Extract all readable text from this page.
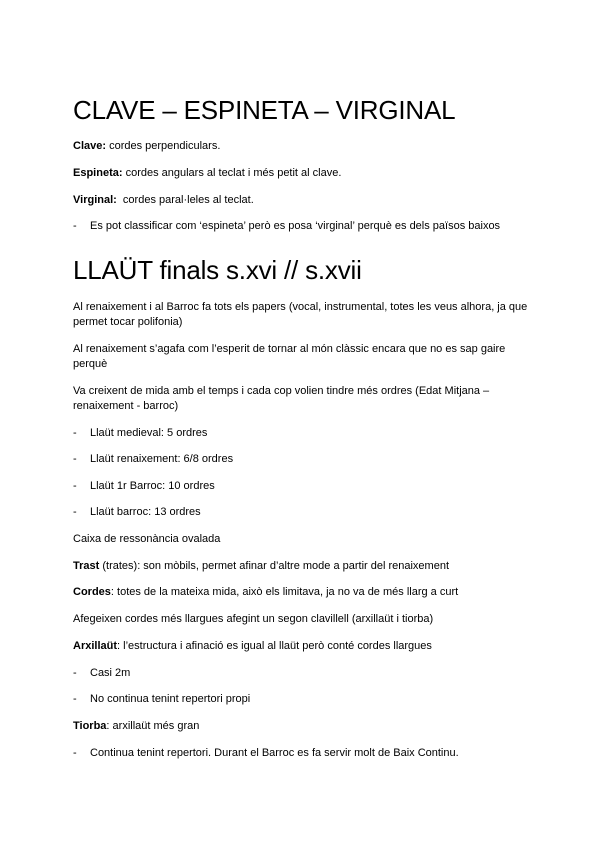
CLAVE – ESPINETA – VIRGINAL

Clave: cordes perpendiculars.

Espineta: cordes angulars al teclat i més petit al clave.

Virginal:  cordes paral·leles al teclat.

- Es pot classificar com ‘espineta’ però es posa ‘virginal’ perquè es dels països baixos
LLAÜT finals s.xvi // s.xvii

Al renaixement i al Barroc fa tots els papers (vocal, instrumental, totes les veus alhora, ja que permet tocar polifonia)

Al renaixement s’agafa com l’esperit de tornar al món clàssic encara que no es sap gaire perquè

Va creixent de mida amb el temps i cada cop volien tindre més ordres (Edat Mitjana – renaixement - barroc)

- Llaüt medieval: 5 ordres
- Llaüt renaixement: 6/8 ordres
- Llaüt 1r Barroc: 10 ordres
- Llaüt barroc: 13 ordres

Caixa de ressonància ovalada

Trast (trates): son mòbils, permet afinar d’altre mode a partir del renaixement

Cordes: totes de la mateixa mida, això els limitava, ja no va de més llarg a curt

Afegeixen cordes més llargues afegint un segon clavillell (arxillaüt i tiorba)

Arxillaüt: l’estructura i afinació es igual al llaüt però conté cordes llargues

- Casi 2m
- No continua tenint repertori propi

Tiorba: arxillaüt més gran

- Continua tenint repertori. Durant el Barroc es fa servir molt de Baix Continu.
